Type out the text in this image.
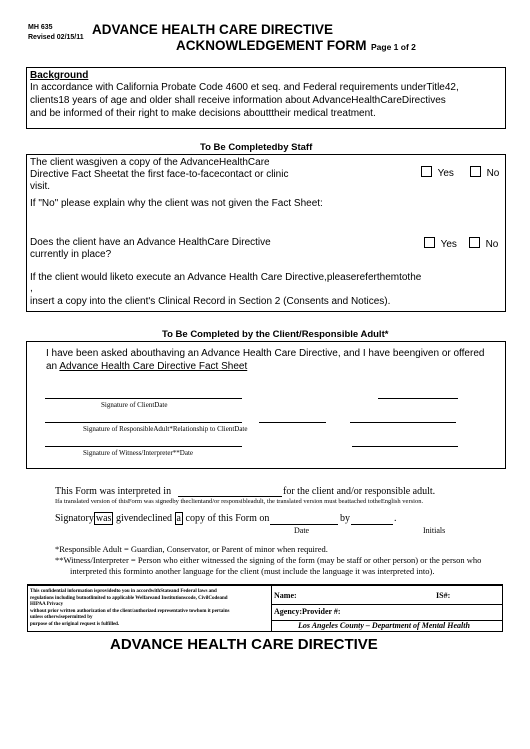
MH 635
Revised 02/15/11
ADVANCE HEALTH CARE DIRECTIVE
ACKNOWLEDGEMENT FORM Page 1 of 2
Background
In accordance with California Probate Code 4600 et seq. and Federal requirements underTitle42,
clients18 years of age and older shall receive information about AdvanceHealthCareDirectives
and be informed of their right to make decisions aboutttheir medical treatment.
To Be Completedby Staff
The client wasgiven a copy of the AdvanceHealthCare
Directive Fact Sheetat the first face-to-facecontact or clinic
visit.
Yes	No
If "No" please explain why the client was not given the Fact Sheet:
Does the client have an Advance HealthCare Directive
currently in place?
Yes	No
If the client would liketo execute an Advance Health Care Directive,pleasereferthemtothe
,
insert a copy into the client's Clinical Record in Section 2 (Consents and Notices).
To Be Completed by the Client/Responsible Adult*
I have been asked abouthaving an Advance Health Care Directive, and I have beengiven or offered
an Advance Health Care Directive Fact Sheet
Signature of ClientDate
Signature of ResponsibleAdult*Relationship to ClientDate
Signature of Witness/Interpreter**Date
This Form was interpreted in	for the client and/or responsible adult.
Ifa translated version of thisForm was signedby theclientand/or responsibleadult, the translated version must beattached totheEnglish version.
Signatory was givendeclined a copy of this Form on	by	.
Date	Initials
*Responsible Adult = Guardian, Conservator, or Parent of minor when required.
**Witness/Interpreter = Person who either witnessed the signing of the form (may be staff or other person) or the person who
interpreted this forminto another language for the client (must include the language it was interpreted into).
This confidential information isprovidedto you in accordwithStateand Federal laws and
regulations including butnotlimited to applicable Welfareand Institutionscode, CivilCodeand
HIPAA Privacy
without prior written authorization of the client/authorized representative towhom it pertains
unless otherwisepermitted by
purpose of the original request is fulfilled.
Name:	IS#:
Agency:Provider #:
Los Angeles County – Department of Mental Health
ADVANCE HEALTH CARE DIRECTIVE
